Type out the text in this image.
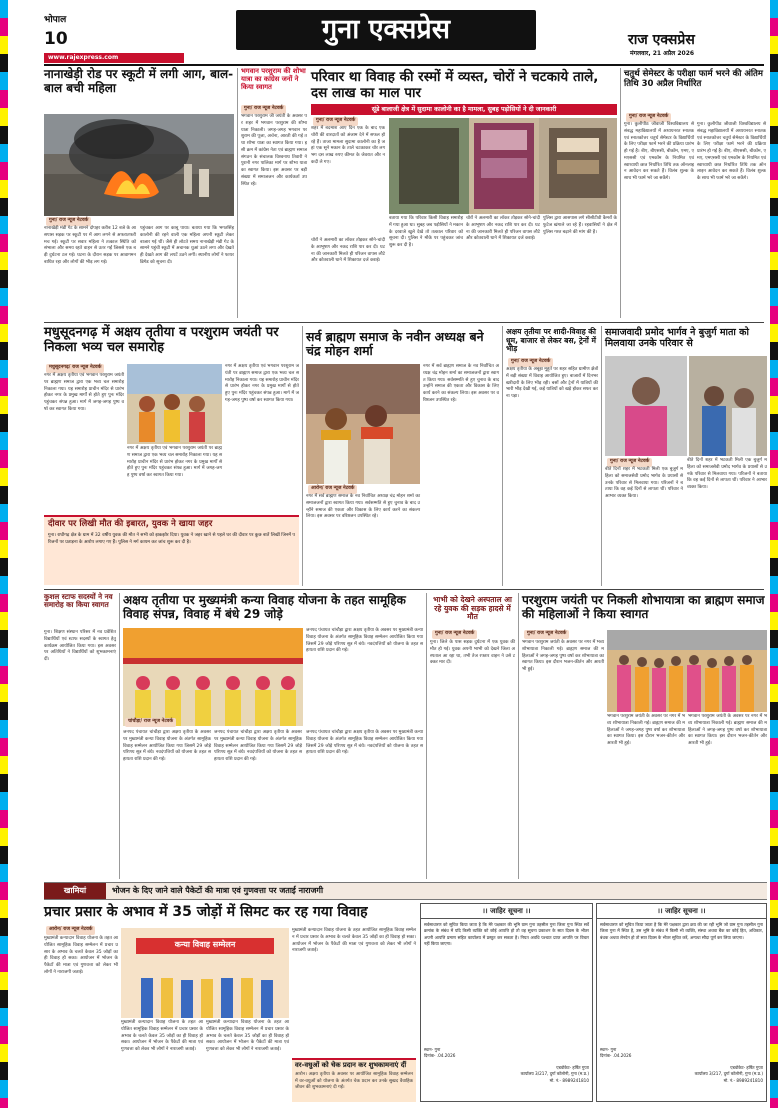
भोपाल
10	गुना एक्सप्रेस
www.rajexpress.com
राज एक्सप्रेस
मंगलवार, 21 अप्रैल 2026
नानाखेड़ी रोड पर स्कूटी में लगी आग, बाल-बाल बची महिला
गुना/ राज न्यूज नेटवर्क
नानाखेड़ी मंडी गेट के सामने दोपहर करीब 12 बजे के आसपास सड़क पर स्कूटी पर में आग लगने से अफरातफरी मच गई। स्कूटी पर सवार महिला ने तत्काल स्थिति को संभाला और समय रहते वाहन से उतर गईं जिससे एक बड़ी दुर्घटना टल गई। घटना के दौरान सड़क पर आवागमन बाधित रहा और लोगों की भीड़ लग गई।
पहुंचकर आग पर काबू पाया। बताया गया कि भगतसिंह कालोनी की रहने वाली एक महिला अपनी स्कूटी लेकर बाजार गई थीं। जैसे ही लोटते समय नानाखेड़ी मंडी गेट के सामने पहुंची स्कूटी में अचानक धुआं उठने लगा और देखते ही देखते आग की लपटें उठने लगीं। स्थानीय लोगों ने फायर ब्रिगेड को सूचना दी।
भगवान परशुराम की शोभा यात्रा का कांग्रेस जनों ने किया स्वागत
गुना/ राज न्यूज नेटवर्क
भगवान परशुराम जी जयंती के अवसर पर शहर में भगवान परशुराम की शोभा यात्रा निकाली। जगह-जगह भगवान परशुराम की पूजा, अर्चना, आरती की गई तथा शोभा यात्रा का स्वागत किया गया। इसी क्रम में कांग्रेस नेता एवं ब्राह्मण समाज संगठन के संचालक विश्वनाथ तिवारी ने पुरानी नगर पालिका मार्ग पर शोभा यात्रा का स्वागत किया। इस अवसर पर बड़ी संख्या में समाजजन और कार्यकर्ता उपस्थित रहे।
परिवार था विवाह की रस्मों में व्यस्त, चोरों ने चटकाये ताले, दस लाख का माल पार
सूंडे बालाजी क्षेत्र में सुदामा कालोनी का है मामला, सुबह पड़ोसियों ने दी जानकारी
गुना/ राज न्यूज नेटवर्क
शहर में बदमाश आए दिन एक के बाद एक चोरी की वारदातों को अंजाम देने में सफल हो रहे हैं। ताजा मामला सुदामा कालोनी का है जहां एक सूने मकान के ताले चटकाकर चोर लगभग दस लाख रुपए कीमत के जेवरात और नकदी ले गए।
बताया गया कि परिवार किसी विवाह समारोह में गया हुआ था। सुबह जब पड़ोसियों ने मकान के दरवाजे खुले देखे तो तत्काल परिवार को सूचना दी। पुलिस ने मौके पर पहुंचकर जांच शुरू कर दी है।
चोरों ने अलमारी का लॉकर तोड़कर सोने-चांदी के आभूषण और नकद राशि पार कर दी। घटना की जानकारी मिलते ही परिजन वापस लौटे और कोतवाली थाने में शिकायत दर्ज कराई।
पुलिस द्वारा आसपास लगे सीसीटीवी कैमरों के फुटेज खंगाले जा रहे हैं। रहवासियों ने क्षेत्र में पुलिस गश्त बढ़ाने की मांग की है।
चोरों ने अलमारी का लॉकर तोड़कर सोने-चांदी के आभूषण और नकद राशि पार कर दी। घटना की जानकारी मिलते ही परिजन वापस लौटे और कोतवाली थाने में शिकायत दर्ज कराई।
चतुर्थ सेमेस्टर के परीक्षा फार्म भरने की अंतिम तिथि 30 अप्रैल निर्धारित
गुना/ राज न्यूज नेटवर्क
गुना। कुलीपीठ जीवाजी विश्वविद्यालय से संबद्ध महाविद्यालयों में अध्ययनरत स्नातक एवं स्नातकोत्तर चतुर्थ सेमेस्टर के विद्यार्थियों के लिए परीक्षा फार्म भरने की प्रक्रिया प्रारंभ हो गई है। बीए, बीएससी, बीकॉम, एमए, एमएससी एवं एमकॉम के नियमित एवं स्वाध्यायी छात्र निर्धारित तिथि तक ऑनलाइन आवेदन कर सकते हैं। विलंब शुल्क के साथ भी फार्म भरे जा सकेंगे।
गुना। कुलीपीठ जीवाजी विश्वविद्यालय से संबद्ध महाविद्यालयों में अध्ययनरत स्नातक एवं स्नातकोत्तर चतुर्थ सेमेस्टर के विद्यार्थियों के लिए परीक्षा फार्म भरने की प्रक्रिया प्रारंभ हो गई है। बीए, बीएससी, बीकॉम, एमए, एमएससी एवं एमकॉम के नियमित एवं स्वाध्यायी छात्र निर्धारित तिथि तक ऑनलाइन आवेदन कर सकते हैं। विलंब शुल्क के साथ भी फार्म भरे जा सकेंगे।
मधुसूदनगढ़ में अक्षय तृतीया व परशुराम जयंती पर निकला भव्य चल समारोह
मधुसूदनगढ़/ राज न्यूज नेटवर्क
नगर में अक्षय तृतीया एवं भगवान परशुराम जयंती पर ब्राह्मण समाज द्वारा एक भव्य चल समारोह निकाला गया। यह समारोह प्राचीन मंदिर से प्रारंभ होकर नगर के प्रमुख मार्गों से होते हुए पुनः मंदिर पहुंचकर संपन्न हुआ। मार्ग में जगह-जगह पुष्प वर्षा कर स्वागत किया गया।
नगर में अक्षय तृतीया एवं भगवान परशुराम जयंती पर ब्राह्मण समाज द्वारा एक भव्य चल समारोह निकाला गया। यह समारोह प्राचीन मंदिर से प्रारंभ होकर नगर के प्रमुख मार्गों से होते हुए पुनः मंदिर पहुंचकर संपन्न हुआ। मार्ग में जगह-जगह पुष्प वर्षा कर स्वागत किया गया।
नगर में अक्षय तृतीया एवं भगवान परशुराम जयंती पर ब्राह्मण समाज द्वारा एक भव्य चल समारोह निकाला गया। यह समारोह प्राचीन मंदिर से प्रारंभ होकर नगर के प्रमुख मार्गों से होते हुए पुनः मंदिर पहुंचकर संपन्न हुआ। मार्ग में जगह-जगह पुष्प वर्षा कर स्वागत किया गया।
दीवार पर लिखी मौत की इबारत, युवक ने खाया जहर
गुना। राघौगढ़ क्षेत्र के ग्राम में 32 वर्षीय युवक की मौत ने सभी को झकझोर दिया। युवक ने जहर खाने से पहले घर की दीवार पर कुछ बातें लिखीं जिनमें परिजनों पर प्रताड़ना के आरोप लगाए गए हैं। पुलिस ने मर्ग कायम कर जांच शुरू कर दी है।
सर्व ब्राह्मण समाज के नवीन अध्यक्ष बने चंद्र मोहन शर्मा
आरोन/ राज न्यूज नेटवर्क
नगर में सर्व ब्राह्मण समाज के नव निर्वाचित अध्यक्ष चंद्र मोहन शर्मा का समाजजनों द्वारा स्वागत किया गया। सर्वसम्मति से हुए चुनाव के बाद उन्होंने समाज की एकता और विकास के लिए कार्य करने का संकल्प लिया। इस अवसर पर वरिष्ठजन उपस्थित रहे।
नगर में सर्व ब्राह्मण समाज के नव निर्वाचित अध्यक्ष चंद्र मोहन शर्मा का समाजजनों द्वारा स्वागत किया गया। सर्वसम्मति से हुए चुनाव के बाद उन्होंने समाज की एकता और विकास के लिए कार्य करने का संकल्प लिया। इस अवसर पर वरिष्ठजन उपस्थित रहे।
अक्षय तृतीया पर शादी-विवाह की धूम, बाजार से लेकर बस, ट्रेनों में भीड़
गुना/ राज न्यूज नेटवर्क
अक्षय तृतीया के अबूझ मुहूर्त पर शहर सहित ग्रामीण क्षेत्रों में बड़ी संख्या में विवाह आयोजित हुए। बाजारों में दिनभर खरीदारी के लिए भीड़ रही। बसों और ट्रेनों में यात्रियों की भारी भीड़ देखी गई, कई यात्रियों को खड़े होकर सफर करना पड़ा।
समाजवादी प्रमोद भार्गव ने बुजुर्ग माता को मिलवाया उनके परिवार से
गुना/ राज न्यूज नेटवर्क
बीते दिनों शहर में भटकती मिली एक बुजुर्ग महिला को समाजसेवी प्रमोद भार्गव के प्रयासों से उनके परिवार से मिलवाया गया। परिजनों ने बताया कि वह कई दिनों से लापता थीं। परिवार ने आभार व्यक्त किया।
बीते दिनों शहर में भटकती मिली एक बुजुर्ग महिला को समाजसेवी प्रमोद भार्गव के प्रयासों से उनके परिवार से मिलवाया गया। परिजनों ने बताया कि वह कई दिनों से लापता थीं। परिवार ने आभार व्यक्त किया।
कुशल स्टाफ सदस्यों ने नव समारोह का किया स्वागत
गुना। शिक्षण संस्थान परिसर में नव प्रवेशित विद्यार्थियों एवं स्टाफ सदस्यों के स्वागत हेतु कार्यक्रम आयोजित किया गया। इस अवसर पर अतिथियों ने विद्यार्थियों को शुभकामनाएं दीं।
अक्षय तृतीया पर मुख्यमंत्री कन्या विवाह योजना के तहत सामूहिक विवाह संपन्न, विवाह में बंधे 29 जोड़े
चांचौड़ा/ राज न्यूज नेटवर्क
जनपद पंचायत चांचौड़ा द्वारा अक्षय तृतीया के अवसर पर मुख्यमंत्री कन्या विवाह योजना के अंतर्गत सामूहिक विवाह सम्मेलन आयोजित किया गया जिसमें 29 जोड़े परिणय सूत्र में बंधे। नवदंपत्तियों को योजना के तहत सहायता राशि प्रदान की गई।
जनपद पंचायत चांचौड़ा द्वारा अक्षय तृतीया के अवसर पर मुख्यमंत्री कन्या विवाह योजना के अंतर्गत सामूहिक विवाह सम्मेलन आयोजित किया गया जिसमें 29 जोड़े परिणय सूत्र में बंधे। नवदंपत्तियों को योजना के तहत सहायता राशि प्रदान की गई।
जनपद पंचायत चांचौड़ा द्वारा अक्षय तृतीया के अवसर पर मुख्यमंत्री कन्या विवाह योजना के अंतर्गत सामूहिक विवाह सम्मेलन आयोजित किया गया जिसमें 29 जोड़े परिणय सूत्र में बंधे। नवदंपत्तियों को योजना के तहत सहायता राशि प्रदान की गई।
जनपद पंचायत चांचौड़ा द्वारा अक्षय तृतीया के अवसर पर मुख्यमंत्री कन्या विवाह योजना के अंतर्गत सामूहिक विवाह सम्मेलन आयोजित किया गया जिसमें 29 जोड़े परिणय सूत्र में बंधे। नवदंपत्तियों को योजना के तहत सहायता राशि प्रदान की गई।
भाभी को देखने अस्पताल आ रहे युवक की सड़क हादसे में मौत
गुना/ राज न्यूज नेटवर्क
गुना। जिले के पास सड़क दुर्घटना में एक युवक की मौत हो गई। युवक अपनी भाभी को देखने जिला अस्पताल आ रहा था, तभी तेज रफ्तार वाहन ने उसे टक्कर मार दी।
परशुराम जयंती पर निकली शोभायात्रा का ब्राह्मण समाज की महिलाओं ने किया स्वागत
गुना/ राज न्यूज नेटवर्क
भगवान परशुराम जयंती के अवसर पर नगर में भव्य शोभायात्रा निकाली गई। ब्राह्मण समाज की महिलाओं ने जगह-जगह पुष्प वर्षा कर शोभायात्रा का स्वागत किया। इस दौरान भजन-कीर्तन और आरती भी हुई।
भगवान परशुराम जयंती के अवसर पर नगर में भव्य शोभायात्रा निकाली गई। ब्राह्मण समाज की महिलाओं ने जगह-जगह पुष्प वर्षा कर शोभायात्रा का स्वागत किया। इस दौरान भजन-कीर्तन और आरती भी हुई।
भगवान परशुराम जयंती के अवसर पर नगर में भव्य शोभायात्रा निकाली गई। ब्राह्मण समाज की महिलाओं ने जगह-जगह पुष्प वर्षा कर शोभायात्रा का स्वागत किया। इस दौरान भजन-कीर्तन और आरती भी हुई।
खामियां	भोजन के दिए जाने वाले पैकेटों की मात्रा एवं गुणवत्ता पर जताई नाराजगी
प्रचार प्रसार के अभाव में 35 जोड़ों में सिमट कर रह गया विवाह
आरोन/ राज न्यूज नेटवर्क
मुख्यमंत्री कन्यादान विवाह योजना के तहत आयोजित सामूहिक विवाह सम्मेलन में प्रचार प्रसार के अभाव के चलते केवल 35 जोड़ों का ही विवाह हो सका। आयोजन में भोजन के पैकेटों की मात्रा एवं गुणवत्ता को लेकर भी लोगों ने नाराजगी जताई।
कन्या विवाह सम्मेलन
मुख्यमंत्री कन्यादान विवाह योजना के तहत आयोजित सामूहिक विवाह सम्मेलन में प्रचार प्रसार के अभाव के चलते केवल 35 जोड़ों का ही विवाह हो सका। आयोजन में भोजन के पैकेटों की मात्रा एवं गुणवत्ता को लेकर भी लोगों ने नाराजगी जताई।
मुख्यमंत्री कन्यादान विवाह योजना के तहत आयोजित सामूहिक विवाह सम्मेलन में प्रचार प्रसार के अभाव के चलते केवल 35 जोड़ों का ही विवाह हो सका। आयोजन में भोजन के पैकेटों की मात्रा एवं गुणवत्ता को लेकर भी लोगों ने नाराजगी जताई।
मुख्यमंत्री कन्यादान विवाह योजना के तहत आयोजित सामूहिक विवाह सम्मेलन में प्रचार प्रसार के अभाव के चलते केवल 35 जोड़ों का ही विवाह हो सका। आयोजन में भोजन के पैकेटों की मात्रा एवं गुणवत्ता को लेकर भी लोगों ने नाराजगी जताई।
वर-वधुओं को चेक प्रदान कर शुभकामनाएं दीं
आरोन। अक्षय तृतीया के अवसर पर आयोजित सामूहिक विवाह सम्मेलन में वर-वधुओं को योजना के अंतर्गत चेक प्रदान कर उनके सुखद वैवाहिक जीवन की शुभकामनाएं दी गईं।
।। जाहिर सूचना ।।
सर्वसाधारण को सूचित किया जाता है कि मेरे पक्षकार की भूमि ग्राम गुना तहसील गुना जिला गुना स्थित सर्वे क्रमांक के संबंध में यदि किसी व्यक्ति को कोई आपत्ति हो तो वह सूचना प्रकाशन के सात दिवस के भीतर अपनी आपत्ति प्रमाण सहित कार्यालय में प्रस्तुत कर सकता है। नियत अवधि पश्चात प्राप्त आपत्ति पर विचार नहीं किया जाएगा।
स्थान- गुना
दिनांक- .04.2026
एडवोकेट- हर्षित गुप्ता
कार्यालय 3/217, दुर्गा कॉलोनी, गुना (म.प्र.)
मो. नं.- 8989241810
।। जाहिर सूचना ।।
सर्वसाधारण को सूचित किया जाता है कि मेरे पक्षकार द्वारा क्रय की जा रही भूमि जो ग्राम गुना तहसील गुना जिला गुना में स्थित है, उस भूमि के संबंध में किसी भी व्यक्ति, संस्था अथवा बैंक का कोई हित, अधिकार, बंधक अथवा लेनदेन हो तो सात दिवस के भीतर सूचित करें, अन्यथा सौदा पूर्ण कर लिया जाएगा।
स्थान- गुना
दिनांक- .04.2026
एडवोकेट- हर्षित गुप्ता
कार्यालय 3/217, दुर्गा कॉलोनी, गुना (म.प्र.)
मो. नं.- 8989241810
